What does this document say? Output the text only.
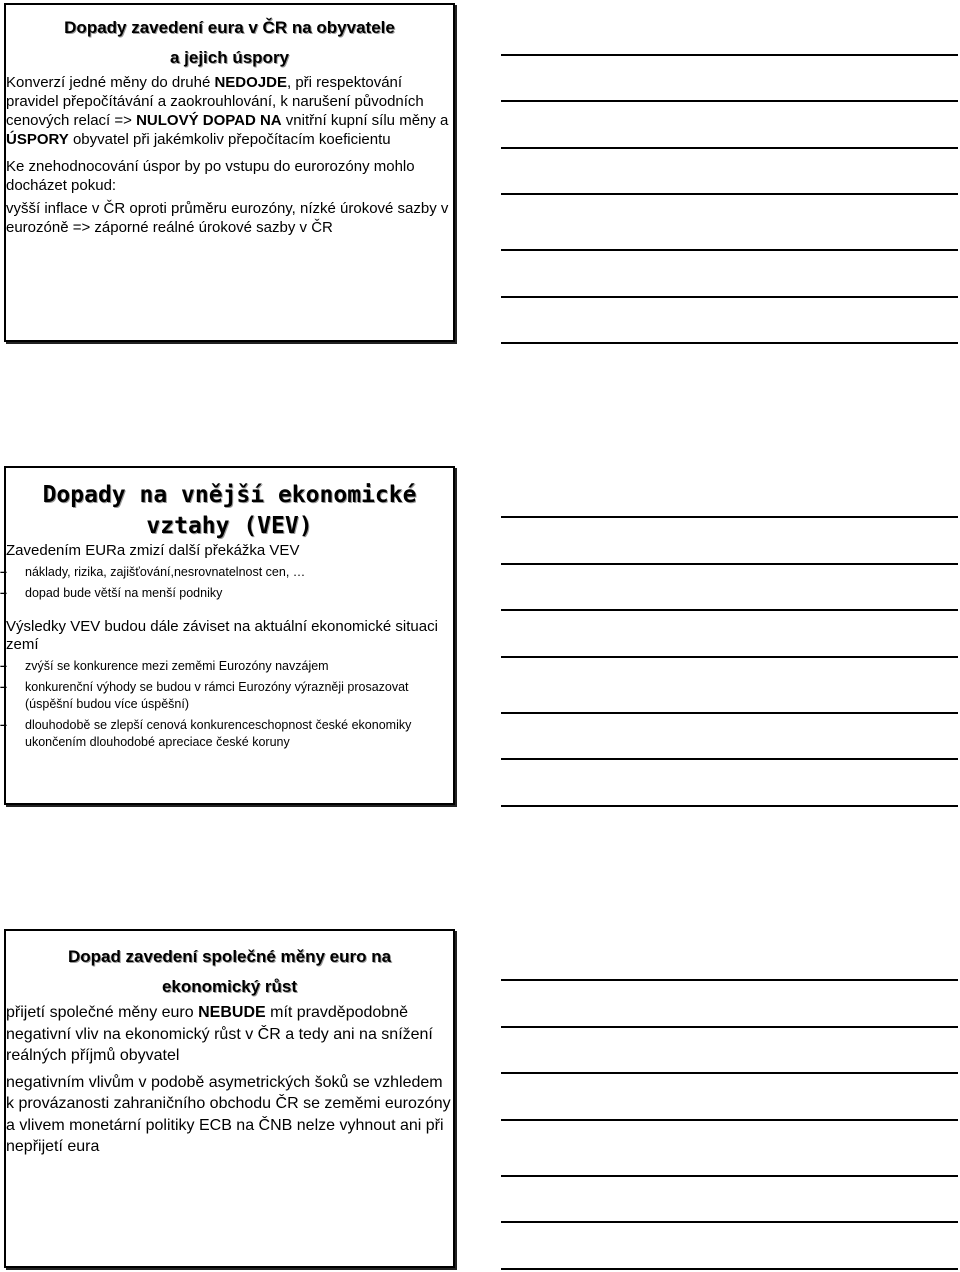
Dopady zavedení eura v ČR na obyvatele
a jejich úspory
Konverzí jedné měny do druhé NEDOJDE, při respektování pravidel přepočítávání a zaokrouhlování, k narušení původních cenových relací => NULOVÝ DOPAD NA vnitřní kupní sílu měny a ÚSPORY obyvatel při jakémkoliv přepočítacím koeficientu
Ke znehodnocování úspor by po vstupu do eurorozóny mohlo docházet pokud:
vyšší inflace v ČR oproti průměru eurozóny, nízké úrokové sazby v eurozóně => záporné reálné úrokové sazby v ČR
Dopady na vnější ekonomické
vztahy (VEV)
Zavedením EURa zmizí další překážka VEV
– náklady, rizika, zajišťování,nesrovnatelnost cen, …
– dopad bude větší na menší podniky
Výsledky VEV budou dále záviset na aktuální ekonomické situaci zemí
– zvýší se konkurence mezi zeměmi Eurozóny navzájem
– konkurenční výhody se budou v rámci Eurozóny výrazněji prosazovat (úspěšní budou více úspěšní)
– dlouhodobě se zlepší cenová konkurenceschopnost české ekonomiky ukončením dlouhodobé apreciace české koruny
Dopad zavedení společné měny euro na
ekonomický růst
přijetí společné měny euro NEBUDE mít pravděpodobně negativní vliv na ekonomický růst v ČR a tedy ani na snížení reálných příjmů obyvatel
negativním vlivům v podobě asymetrických šoků se vzhledem k provázanosti zahraničního obchodu ČR se zeměmi eurozóny a vlivem monetární politiky ECB na ČNB nelze vyhnout ani při nepřijetí eura
